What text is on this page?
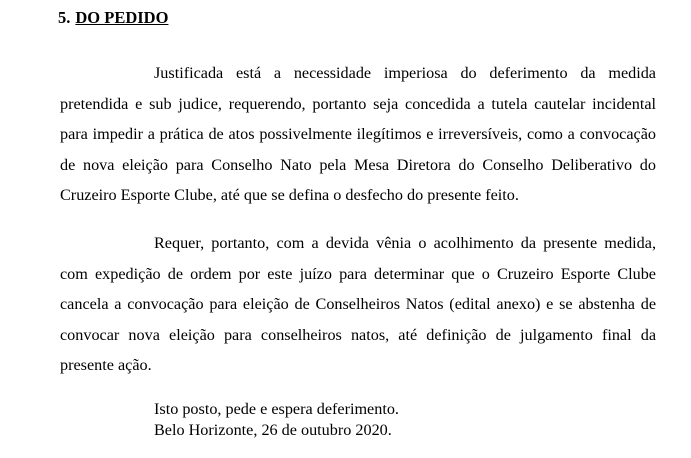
5. DO PEDIDO

Justificada está a necessidade imperiosa do deferimento da medida pretendida e sub judice, requerendo, portanto seja concedida a tutela cautelar incidental para impedir a prática de atos possivelmente ilegítimos e irreversíveis, como a convocação de nova eleição para Conselho Nato pela Mesa Diretora do Conselho Deliberativo do Cruzeiro Esporte Clube, até que se defina o desfecho do presente feito.

Requer, portanto, com a devida vênia o acolhimento da presente medida, com expedição de ordem por este juízo para determinar que o Cruzeiro Esporte Clube cancela a convocação para eleição de Conselheiros Natos (edital anexo) e se abstenha de convocar nova eleição para conselheiros natos, até definição de julgamento final da presente ação.

Isto posto, pede e espera deferimento.
Belo Horizonte, 26 de outubro 2020.
